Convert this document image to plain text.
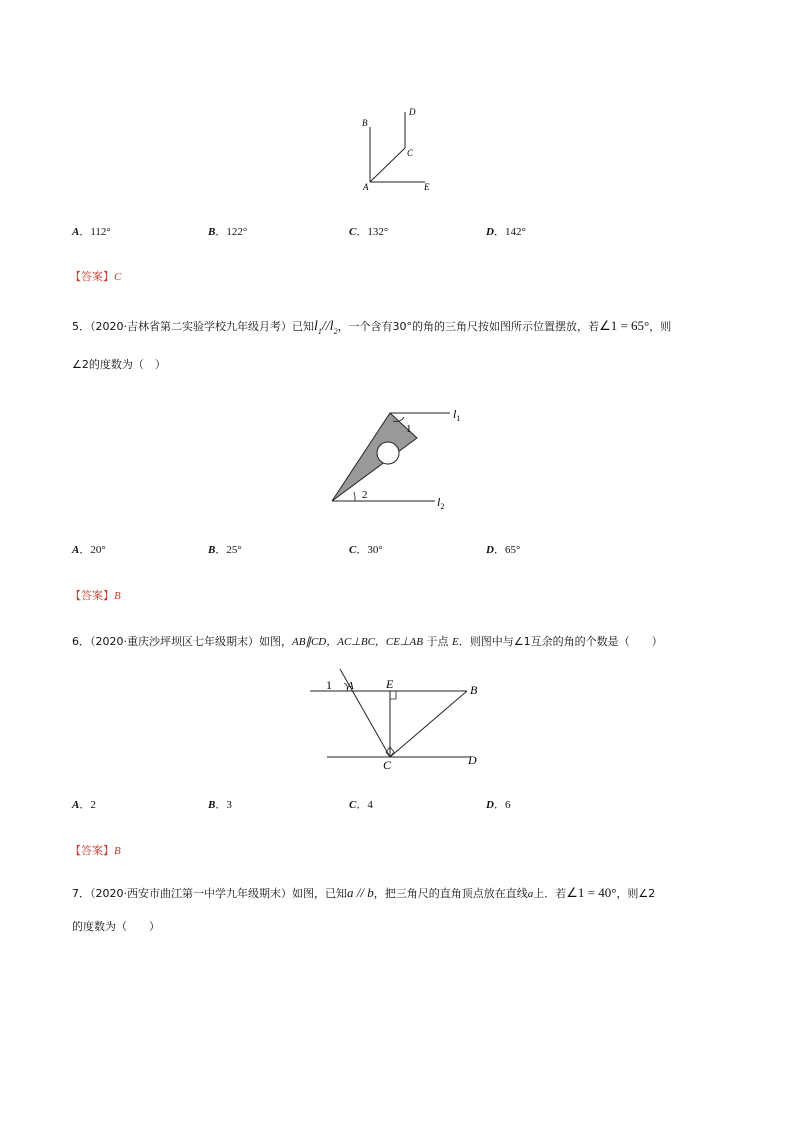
B
D
C
A	E
A．112°	B．122°	C．132°	D．142°
【答案】C
5．（2020·吉林省第二实验学校九年级月考）已知$l_1//l_2$，一个含有30°的角的三角尺按如图所示位置摆放，若∠1 = 65°，则
∠2的度数为（　）
1
2
$l_1$
$l_2$
A．20°	B．25°	C．30°	D．65°
【答案】B
6．（2020·重庆沙坪坝区七年级期末）如图，AB∥CD，AC⊥BC，CE⊥AB 于点 E．则图中与∠1互余的角的个数是（　　）
1 A	E	B
C	D
A．2	B．3	C．4	D．6
【答案】B
7．（2020·西安市曲江第一中学九年级期末）如图，已知a // b，把三角尺的直角顶点放在直线a上．若∠1 = 40°，则∠2
的度数为（　　）
